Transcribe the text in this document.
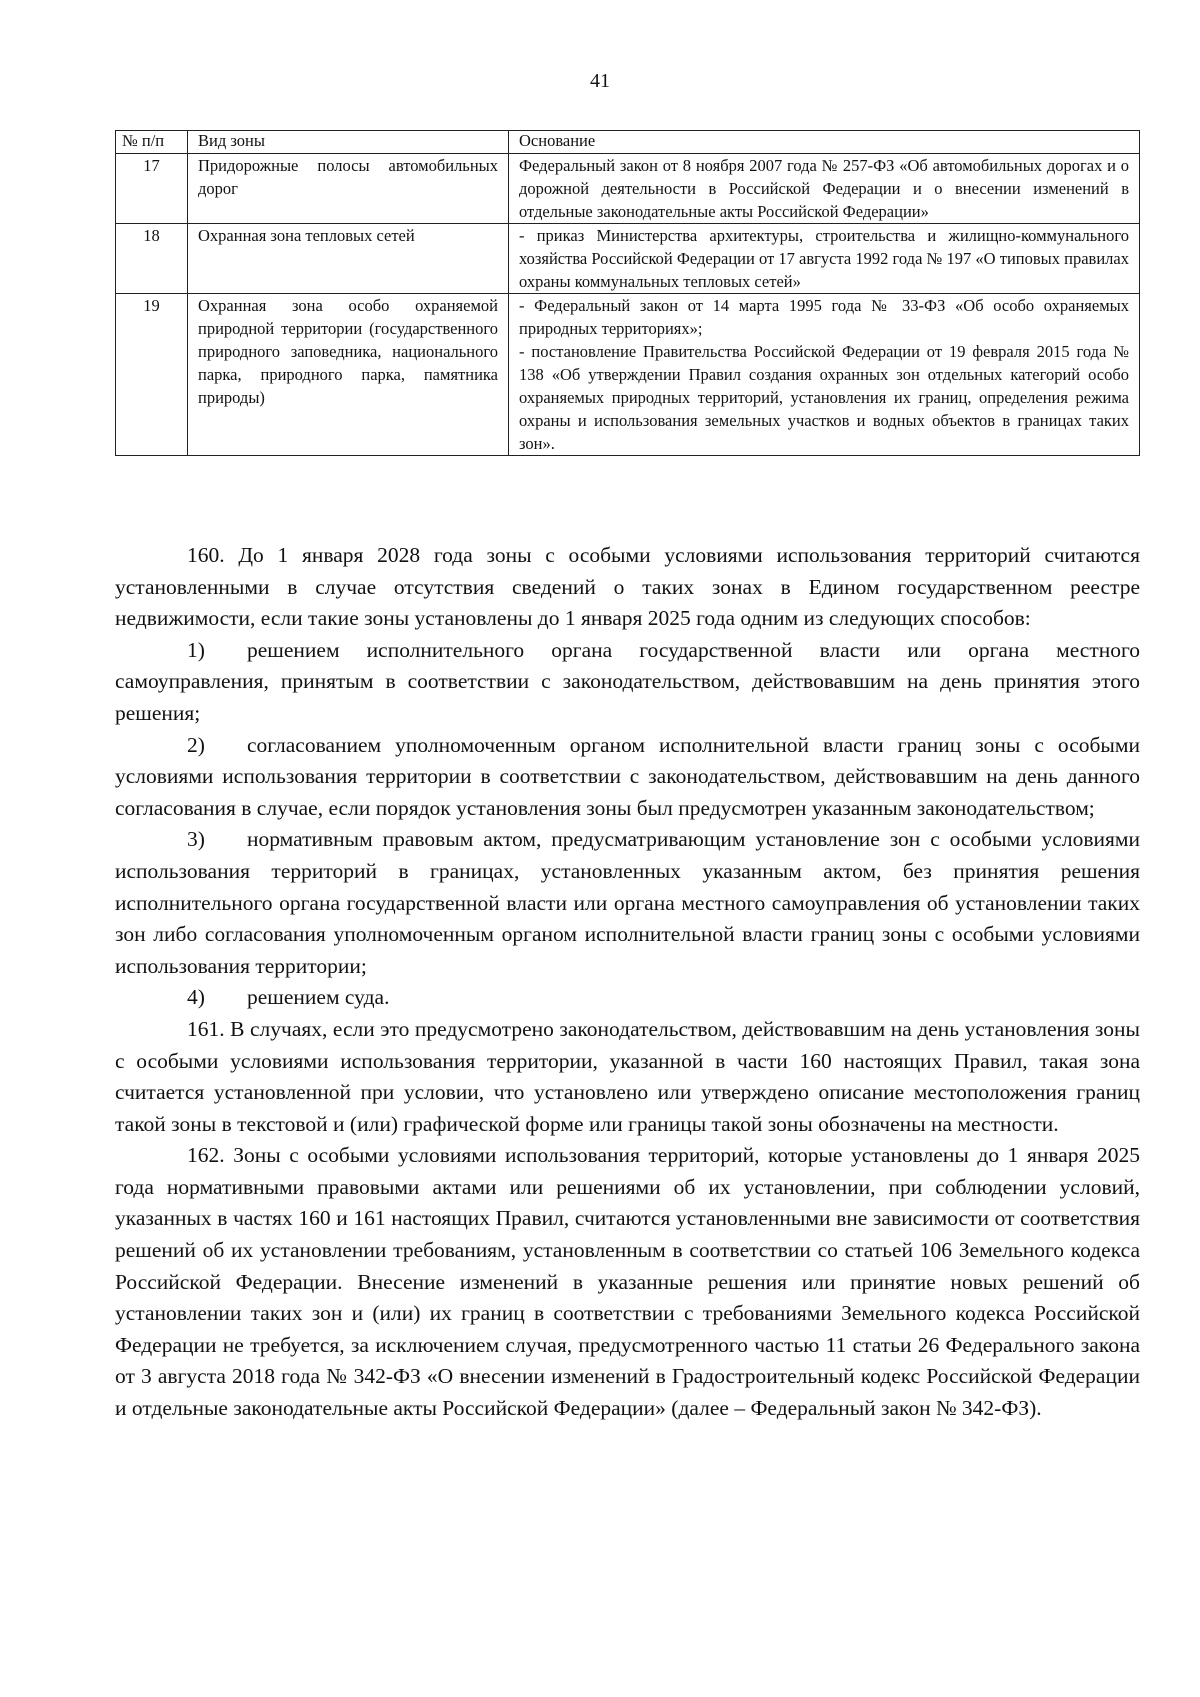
41
№ п/п	Вид зоны	Основание
17	Придорожные полосы автомобильных дорог	Федеральный закон от 8 ноября 2007 года № 257-ФЗ «Об автомобильных дорогах и о дорожной деятельности в Российской Федерации и о внесении изменений в отдельные законодательные акты Российской Федерации»

18	Охранная зона тепловых сетей	- приказ Министерства архитектуры, строительства и жилищно-коммунального хозяйства Российской Федерации от 17 августа 1992 года № 197 «О типовых правилах охраны коммунальных тепловых сетей»

19	Охранная зона особо охраняемой природной территории (государственного природного заповедника, национального парка, природного парка, памятника природы)	- Федеральный закон от 14 марта 1995 года № 33-ФЗ «Об особо охраняемых природных территориях»;
- постановление Правительства Российской Федерации от 19 февраля 2015 года № 138 «Об утверждении Правил создания охранных зон отдельных категорий особо охраняемых природных территорий, установления их границ, определения режима охраны и использования земельных участков и водных объектов в границах таких зон».

160. До 1 января 2028 года зоны с особыми условиями использования территорий считаются установленными в случае отсутствия сведений о таких зонах в Едином государственном реестре недвижимости, если такие зоны установлены до 1 января 2025 года одним из следующих способов:

1) решением исполнительного органа государственной власти или органа местного самоуправления, принятым в соответствии с законодательством, действовавшим на день принятия этого решения;

2) согласованием уполномоченным органом исполнительной власти границ зоны с особыми условиями использования территории в соответствии с законодательством, действовавшим на день данного согласования в случае, если порядок установления зоны был предусмотрен указанным законодательством;

3) нормативным правовым актом, предусматривающим установление зон с особыми условиями использования территорий в границах, установленных указанным актом, без принятия решения исполнительного органа государственной власти или органа местного самоуправления об установлении таких зон либо согласования уполномоченным органом исполнительной власти границ зоны с особыми условиями использования территории;

4) решением суда.

161. В случаях, если это предусмотрено законодательством, действовавшим на день установления зоны с особыми условиями использования территории, указанной в части 160 настоящих Правил, такая зона считается установленной при условии, что установлено или утверждено описание местоположения границ такой зоны в текстовой и (или) графической форме или границы такой зоны обозначены на местности.

162. Зоны с особыми условиями использования территорий, которые установлены до 1 января 2025 года нормативными правовыми актами или решениями об их установлении, при соблюдении условий, указанных в частях 160 и 161 настоящих Правил, считаются установленными вне зависимости от соответствия решений об их установлении требованиям, установленным в соответствии со статьей 106 Земельного кодекса Российской Федерации. Внесение изменений в указанные решения или принятие новых решений об установлении таких зон и (или) их границ в соответствии с требованиями Земельного кодекса Российской Федерации не требуется, за исключением случая, предусмотренного частью 11 статьи 26 Федерального закона от 3 августа 2018 года № 342-ФЗ «О внесении изменений в Градостроительный кодекс Российской Федерации и отдельные законодательные акты Российской Федерации» (далее – Федеральный закон № 342-ФЗ).
